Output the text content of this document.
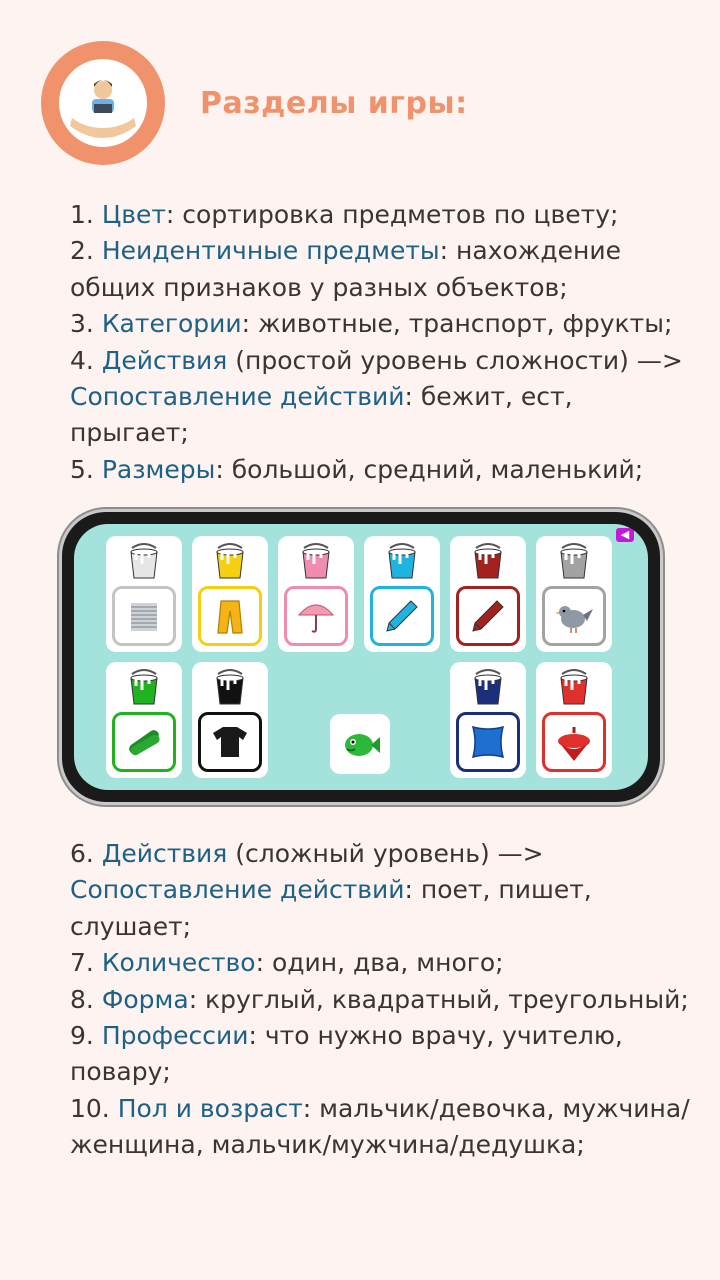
Разделы игры:

1. Цвет: сортировка предметов по цвету;

2. Неидентичные предметы: нахождение общих признаков у разных объектов;

3. Категории: животные, транспорт, фрукты;

4. Действия (простой уровень сложности) —> Сопоставление действий: бежит, ест, прыгает;

5. Размеры: большой, средний, маленький;

◀

6. Действия (сложный уровень) —> Сопоставление действий: поет, пишет, слушает;

7. Количество: один, два, много;

8. Форма: круглый, квадратный, треугольный;

9. Профессии: что нужно врачу, учителю, повару;

10. Пол и возраст: мальчик/девочка, мужчина/женщина, мальчик/мужчина/дедушка;
